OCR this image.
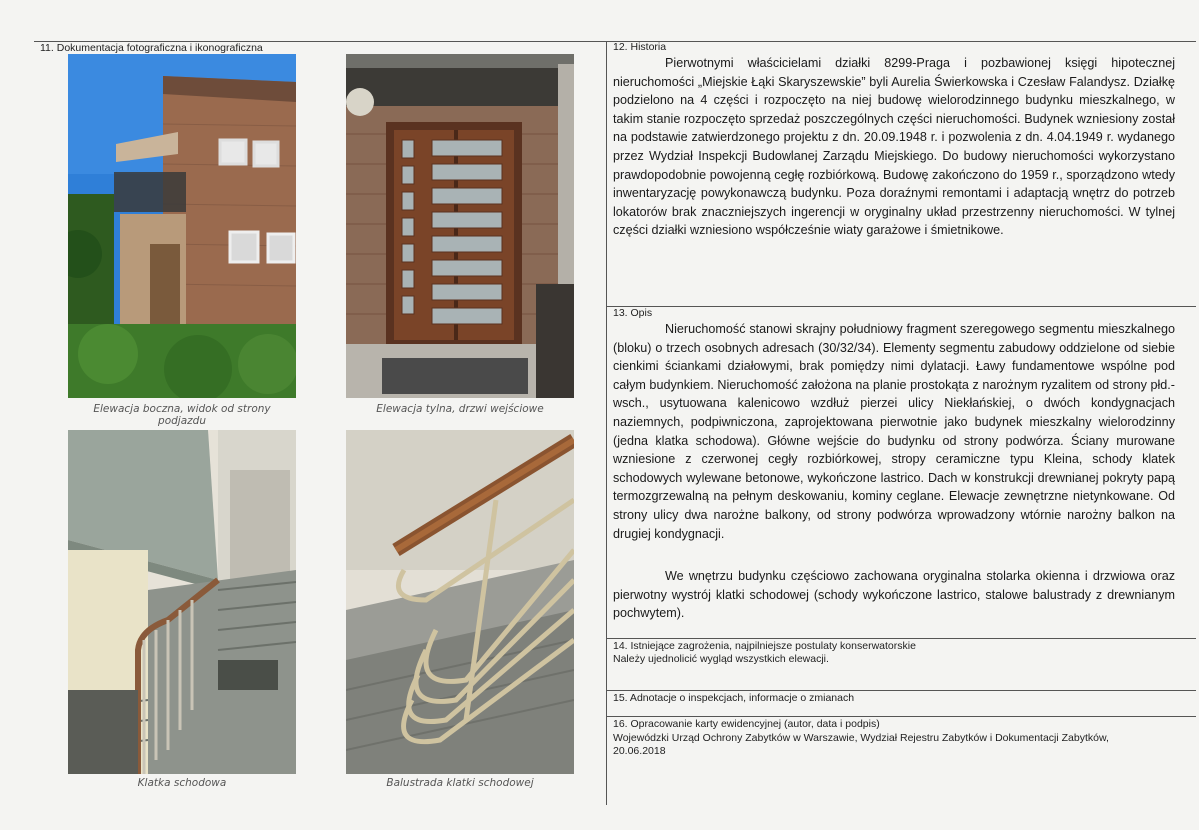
11. Dokumentacja fotograficzna i ikonograficzna
Elewacja boczna, widok od strony podjazdu
Elewacja tylna, drzwi wejściowe
Klatka schodowa	Balustrada klatki schodowej
12. Historia

Pierwotnymi właścicielami działki 8299-Praga i pozbawionej księgi hipotecznej nieruchomości „Miejskie Łąki Skaryszewskie” byli Aurelia Świerkowska i Czesław Falandysz. Działkę podzielono na 4 części i rozpoczęto na niej budowę wielorodzinnego budynku mieszkalnego, w takim stanie rozpoczęto sprzedaż poszczególnych części nieruchomości. Budynek wzniesiony został na podstawie zatwierdzonego projektu z dn. 20.09.1948 r. i pozwolenia z dn. 4.04.1949 r. wydanego przez Wydział Inspekcji Budowlanej Zarządu Miejskiego. Do budowy nieruchomości wykorzystano prawdopodobnie powojenną cegłę rozbiórkową. Budowę zakończono do 1959 r., sporządzono wtedy inwentaryzację powykonawczą budynku. Poza doraźnymi remontami i adaptacją wnętrz do potrzeb lokatorów brak znaczniejszych ingerencji w oryginalny układ przestrzenny nieruchomości. W tylnej części działki wzniesiono współcześnie wiaty garażowe i śmietnikowe.

13. Opis

Nieruchomość stanowi skrajny południowy fragment szeregowego segmentu mieszkalnego (bloku) o trzech osobnych adresach (30/32/34). Elementy segmentu zabudowy oddzielone od siebie cienkimi ściankami działowymi, brak pomiędzy nimi dylatacji. Ławy fundamentowe wspólne pod całym budynkiem. Nieruchomość założona na planie prostokąta z narożnym ryzalitem od strony płd.-wsch., usytuowana kalenicowo wzdłuż pierzei ulicy Niekłańskiej, o dwóch kondygnacjach naziemnych, podpiwniczona, zaprojektowana pierwotnie jako budynek mieszkalny wielorodzinny (jedna klatka schodowa). Główne wejście do budynku od strony podwórza. Ściany murowane wzniesione z czerwonej cegły rozbiórkowej, stropy ceramiczne typu Kleina, schody klatek schodowych wylewane betonowe, wykończone lastrico. Dach w konstrukcji drewnianej pokryty papą termozgrzewalną na pełnym deskowaniu, kominy ceglane. Elewacje zewnętrzne nietynkowane. Od strony ulicy dwa narożne balkony, od strony podwórza wprowadzony wtórnie narożny balkon na drugiej kondygnacji.

We wnętrzu budynku częściowo zachowana oryginalna stolarka okienna i drzwiowa oraz pierwotny wystrój klatki schodowej (schody wykończone lastrico, stalowe balustrady z drewnianym pochwytem).

14. Istniejące zagrożenia, najpilniejsze postulaty konserwatorskie
Należy ujednolicić wygląd wszystkich elewacji.
15. Adnotacje o inspekcjach, informacje o zmianach
16. Opracowanie karty ewidencyjnej (autor, data i podpis)
Wojewódzki Urząd Ochrony Zabytków w Warszawie, Wydział Rejestru Zabytków i Dokumentacji Zabytków,
20.06.2018
